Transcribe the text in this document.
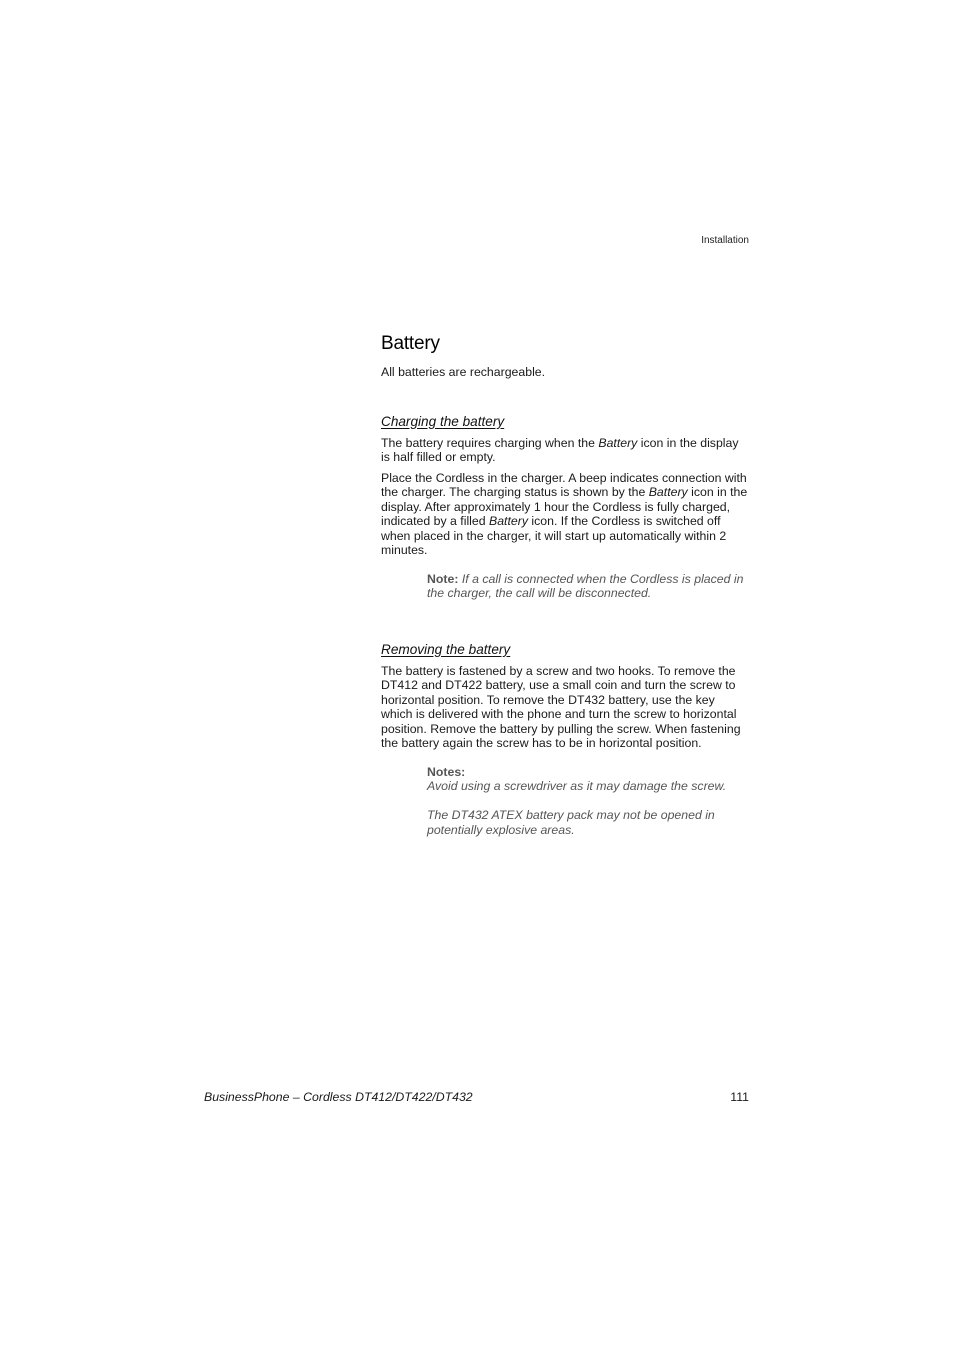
Installation
Battery

All batteries are rechargeable.

Charging the battery

The battery requires charging when the Battery icon in the display is half filled or empty.

Place the Cordless in the charger. A beep indicates connection with the charger. The charging status is shown by the Battery icon in the display. After approximately 1 hour the Cordless is fully charged, indicated by a filled Battery icon. If the Cordless is switched off when placed in the charger, it will start up automatically within 2 minutes.

Note: If a call is connected when the Cordless is placed in the charger, the call will be disconnected.
Removing the battery

The battery is fastened by a screw and two hooks. To remove the DT412 and DT422 battery, use a small coin and turn the screw to horizontal position. To remove the DT432 battery, use the key which is delivered with the phone and turn the screw to horizontal position. Remove the battery by pulling the screw. When fastening the battery again the screw has to be in horizontal position.

Notes:
Avoid using a screwdriver as it may damage the screw.
The DT432 ATEX battery pack may not be opened in potentially explosive areas.
BusinessPhone – Cordless DT412/DT422/DT432	111
